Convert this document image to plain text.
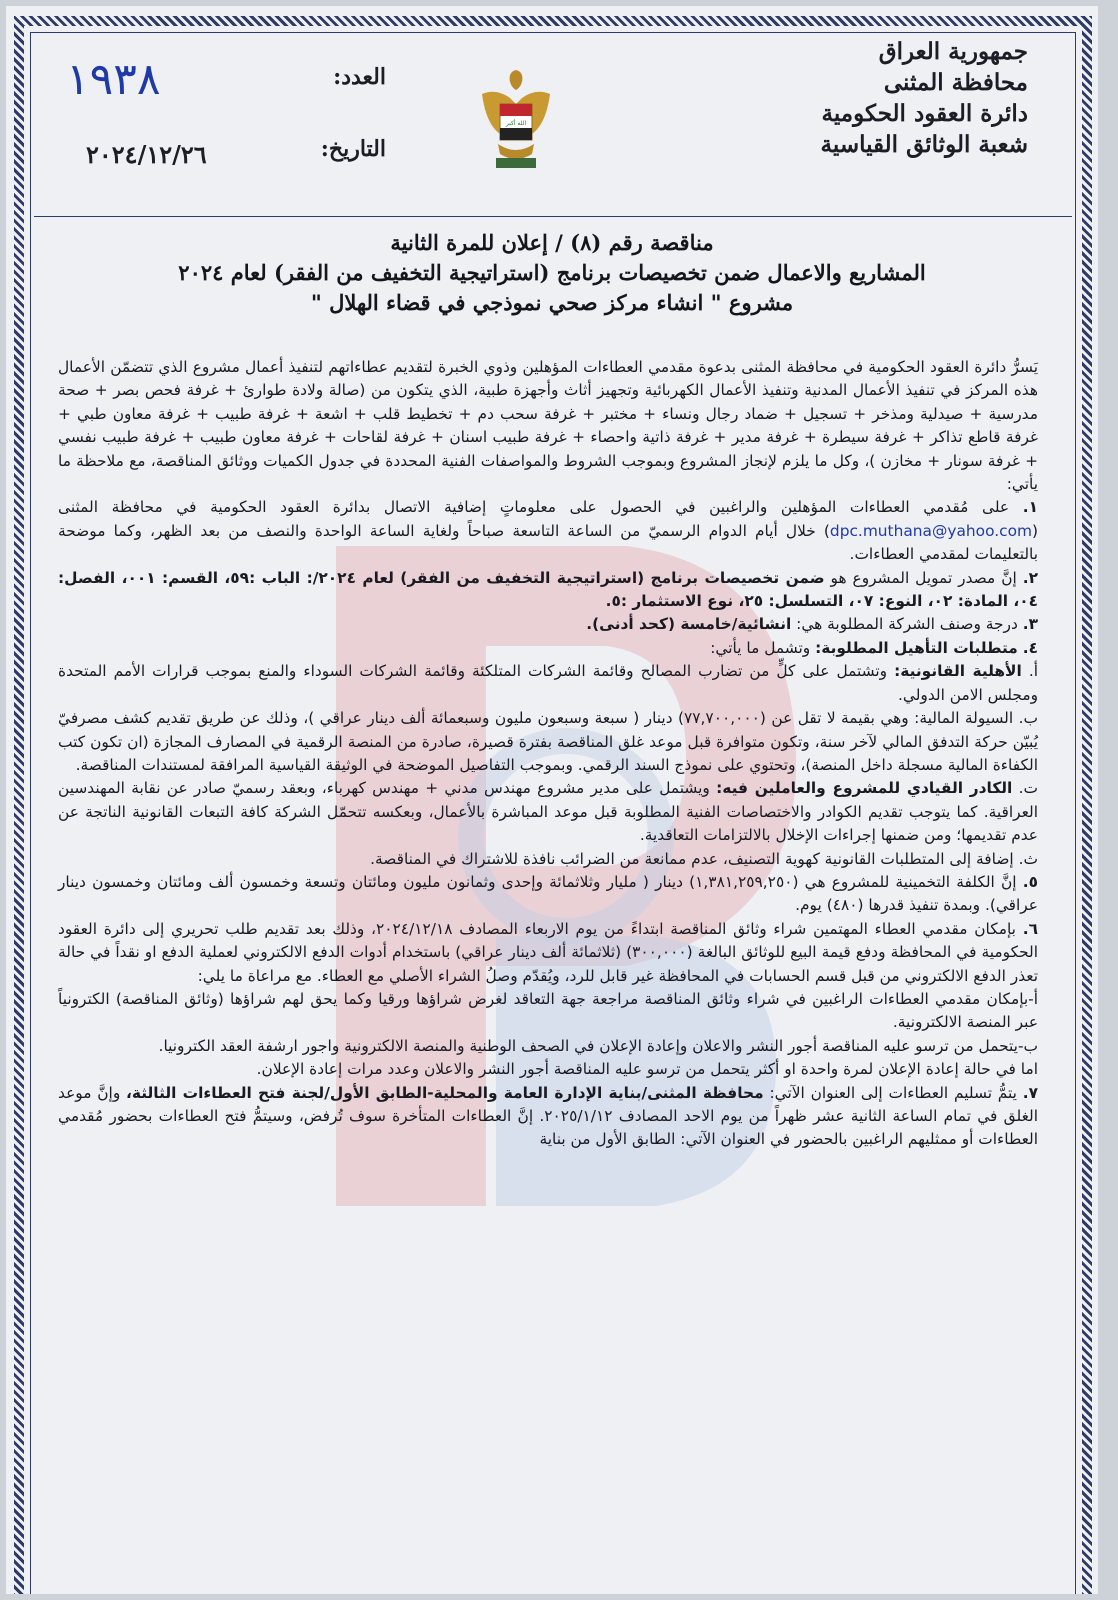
جمهورية العراق
محافظة المثنى
دائرة العقود الحكومية
شعبة الوثائق القياسية
الله أكبر
العدد:
١٩٣٨
التاريخ:
٢٠٢٤/١٢/٢٦
مناقصة رقم (٨) / إعلان للمرة الثانية
المشاريع والاعمال ضمن تخصيصات برنامج (استراتيجية التخفيف من الفقر) لعام ٢٠٢٤
مشروع " انشاء مركز صحي نموذجي في قضاء الهلال "

يَسرُّ دائرة العقود الحكومية في محافظة المثنى بدعوة مقدمي العطاءات المؤهلين وذوي الخبرة لتقديم عطاءاتهم لتنفيذ أعمال مشروع الذي تتضمّن الأعمال هذه المركز في تنفيذ الأعمال المدنية وتنفيذ الأعمال الكهربائية وتجهيز أثاث وأجهزة طبية، الذي يتكون من (صالة ولادة طوارئ + غرفة فحص بصر + صحة مدرسية + صيدلية ومذخر + تسجيل + ضماد رجال ونساء + مختبر + غرفة سحب دم + تخطيط قلب + اشعة + غرفة طبيب + غرفة معاون طبي + غرفة قاطع تذاكر + غرفة سيطرة + غرفة مدير + غرفة ذاتية واحصاء + غرفة طبيب اسنان + غرفة لقاحات + غرفة معاون طبيب + غرفة طبيب نفسي + غرفة سونار + مخازن )، وكل ما يلزم لإنجاز المشروع وبموجب الشروط والمواصفات الفنية المحددة في جدول الكميات ووثائق المناقصة، مع ملاحظة ما يأتي:

١. على مُقدمي العطاءات المؤهلين والراغبين في الحصول على معلوماتٍ إضافية الاتصال بدائرة العقود الحكومية في محافظة المثنى (dpc.muthana@yahoo.com) خلال أيام الدوام الرسميّ من الساعة التاسعة صباحاً ولغاية الساعة الواحدة والنصف من بعد الظهر، وكما موضحة بالتعليمات لمقدمي العطاءات.

٢. إنَّ مصدر تمويل المشروع هو ضمن تخصيصات برنامج (استراتيجية التخفيف من الفقر) لعام ٢٠٢٤/: الباب :٥٩، القسم: ٠٠١، الفصل: ٠٤، المادة: ٠٢، النوع: ٠٧، التسلسل: ٢٥، نوع الاستثمار :٥.

٣. درجة وصنف الشركة المطلوبة هي: انشائية/خامسة (كحد أدنى).

٤. متطلبات التأهيل المطلوبة: وتشمل ما يأتي:

أ. الأهلية القانونية: وتشتمل على كلٍّ من تضارب المصالح وقائمة الشركات المتلكئة وقائمة الشركات السوداء والمنع بموجب قرارات الأمم المتحدة ومجلس الامن الدولي.

ب. السيولة المالية: وهي بقيمة لا تقل عن (٧٧,٧٠٠,٠٠٠) دينار ( سبعة وسبعون مليون وسبعمائة ألف دينار عراقي )، وذلك عن طريق تقديم كشف مصرفيّ يُبيّن حركة التدفق المالي لآخر سنة، وتكون متوافرة قبل موعد غلق المناقصة بفترة قصيرة، صادرة من المنصة الرقمية في المصارف المجازة (ان تكون كتب الكفاءة المالية مسجلة داخل المنصة)، وتحتوي على نموذج السند الرقمي. وبموجب التفاصيل الموضحة في الوثيقة القياسية المرافقة لمستندات المناقصة.

ت. الكادر القيادي للمشروع والعاملين فيه: ويشتمل على مدير مشروع مهندس مدني + مهندس كهرباء، وبعقد رسميّ صادر عن نقابة المهندسين العراقية. كما يتوجب تقديم الكوادر والاختصاصات الفنية المطلوبة قبل موعد المباشرة بالأعمال، وبعكسه تتحمّل الشركة كافة التبعات القانونية الناتجة عن عدم تقديمها؛ ومن ضمنها إجراءات الإخلال بالالتزامات التعاقدية.

ث. إضافة إلى المتطلبات القانونية كهوية التصنيف، عدم ممانعة من الضرائب نافذة للاشتراك في المناقصة.

٥. إنَّ الكلفة التخمينية للمشروع هي (١,٣٨١,٢٥٩,٢٥٠) دينار ( مليار وثلاثمائة وإحدى وثمانون مليون ومائتان وتسعة وخمسون ألف ومائتان وخمسون دينار عراقي). وبمدة تنفيذ قدرها (٤٨٠) يوم.

٦. بإمكان مقدمي العطاء المهتمين شراء وثائق المناقصة ابتداءً من يوم الاربعاء المصادف ٢٠٢٤/١٢/١٨، وذلك بعد تقديم طلب تحريري إلى دائرة العقود الحكومية في المحافظة ودفع قيمة البيع للوثائق البالغة (٣٠٠,٠٠٠) (ثلاثمائة ألف دينار عراقي) باستخدام أدوات الدفع الالكتروني لعملية الدفع او نقداً في حالة تعذر الدفع الالكتروني من قبل قسم الحسابات في المحافظة غير قابل للرد، ويُقدّم وصلُ الشراء الأصلي مع العطاء. مع مراعاة ما يلي:

أ-بإمكان مقدمي العطاءات الراغبين في شراء وثائق المناقصة مراجعة جهة التعاقد لغرض شراؤها ورقيا وكما يحق لهم شراؤها (وثائق المناقصة) الكترونياً عبر المنصة الالكترونية.

ب-يتحمل من ترسو عليه المناقصة أجور النشر والاعلان وإعادة الإعلان في الصحف الوطنية والمنصة الالكترونية واجور ارشفة العقد الكترونيا.

اما في حالة إعادة الإعلان لمرة واحدة او أكثر يتحمل من ترسو عليه المناقصة أجور النشر والاعلان وعدد مرات إعادة الإعلان.

٧. يتمُّ تسليم العطاءات إلى العنوان الآتي: محافظة المثنى/بناية الإدارة العامة والمحلية-الطابق الأول/لجنة فتح العطاءات الثالثة، وإنَّ موعد الغلق في تمام الساعة الثانية عشر ظهراً من يوم الاحد المصادف ٢٠٢٥/١/١٢. إنَّ العطاءات المتأخرة سوف تُرفض، وسيتمُّ فتح العطاءات بحضور مُقدمي العطاءات أو ممثليهم الراغبين بالحضور في العنوان الآتي: الطابق الأول من بناية
